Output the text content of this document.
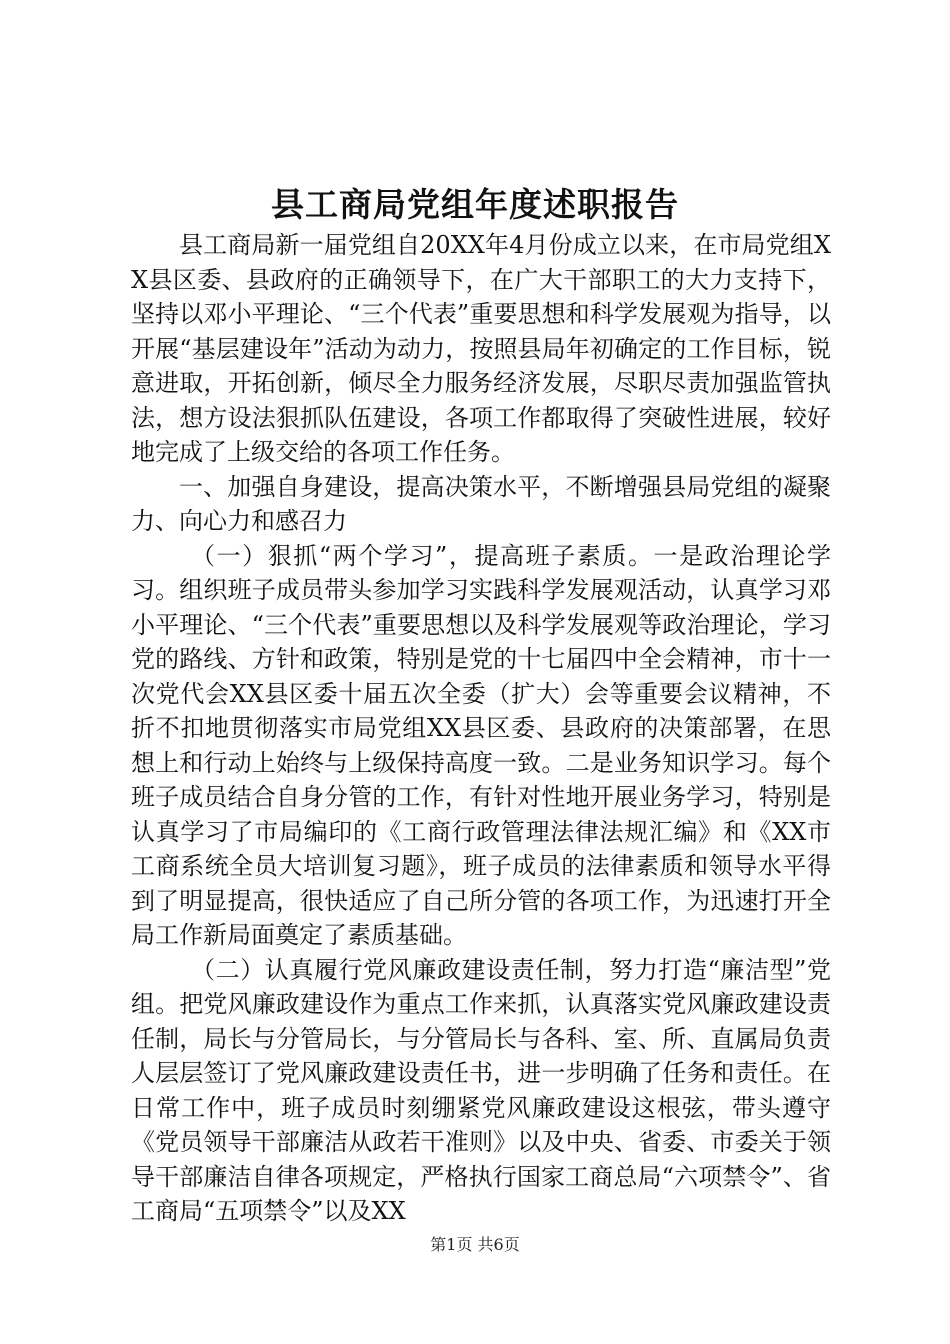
县工商局党组年度述职报告

县工商局新一届党组自20XX年4月份成立以来，在市局党组XX县区委、县政府的正确领导下，在广大干部职工的大力支持下，坚持以邓小平理论、“三个代表”重要思想和科学发展观为指导，以开展“基层建设年”活动为动力，按照县局年初确定的工作目标，锐意进取，开拓创新，倾尽全力服务经济发展，尽职尽责加强监管执法，想方设法狠抓队伍建设，各项工作都取得了突破性进展，较好地完成了上级交给的各项工作任务。

一、加强自身建设，提高决策水平，不断增强县局党组的凝聚力、向心力和感召力

（一）狠抓“两个学习”，提高班子素质。一是政治理论学习。组织班子成员带头参加学习实践科学发展观活动，认真学习邓小平理论、“三个代表”重要思想以及科学发展观等政治理论，学习党的路线、方针和政策，特别是党的十七届四中全会精神，市十一次党代会XX县区委十届五次全委（扩大）会等重要会议精神，不折不扣地贯彻落实市局党组XX县区委、县政府的决策部署，在思想上和行动上始终与上级保持高度一致。二是业务知识学习。每个班子成员结合自身分管的工作，有针对性地开展业务学习，特别是认真学习了市局编印的《工商行政管理法律法规汇编》和《XX市工商系统全员大培训复习题》，班子成员的法律素质和领导水平得到了明显提高，很快适应了自己所分管的各项工作，为迅速打开全局工作新局面奠定了素质基础。

（二）认真履行党风廉政建设责任制，努力打造“廉洁型”党组。把党风廉政建设作为重点工作来抓，认真落实党风廉政建设责任制，局长与分管局长，与分管局长与各科、室、所、直属局负责人层层签订了党风廉政建设责任书，进一步明确了任务和责任。在日常工作中，班子成员时刻绷紧党风廉政建设这根弦，带头遵守《党员领导干部廉洁从政若干准则》以及中央、省委、市委关于领导干部廉洁自律各项规定，严格执行国家工商总局“六项禁令”、省工商局“五项禁令”以及XX

第1页 共6页
